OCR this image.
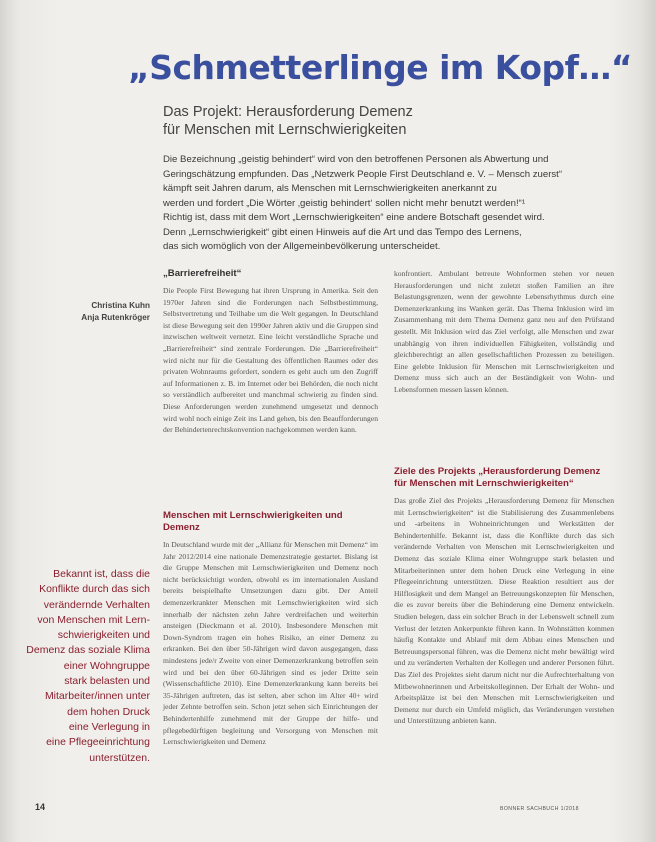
„Schmetterlinge im Kopf…“
Das Projekt: Herausforderung Demenz
für Menschen mit Lernschwierigkeiten
Die Bezeichnung „geistig behindert“ wird von den betroffenen Personen als Abwertung und
Geringschätzung empfunden. Das „Netzwerk People First Deutschland e. V. – Mensch zuerst“
kämpft seit Jahren darum, als Menschen mit Lernschwierigkeiten anerkannt zu
werden und fordert „Die Wörter ‚geistig behindert‘ sollen nicht mehr benutzt werden!“¹
Richtig ist, dass mit dem Wort „Lernschwierigkeiten“ eine andere Botschaft gesendet wird.
Denn „Lernschwierigkeit“ gibt einen Hinweis auf die Art und das Tempo des Lernens,
das sich womöglich von der Allgemeinbevölkerung unterscheidet.
Christina Kuhn
Anja Rutenkröger
„Barrierefreiheit“

Die People First Bewegung hat ihren Ursprung in Amerika. Seit den 1970er Jahren sind die Forderungen nach Selbstbestimmung, Selbstvertretung und Teilhabe um die Welt gegangen. In Deutschland ist diese Bewegung seit den 1990er Jahren aktiv und die Gruppen sind inzwischen weltweit vernetzt. Eine leicht verständliche Sprache und „Barrierefreiheit“ sind zentrale Forderungen. Die „Barrierefreiheit“ wird nicht nur für die Gestaltung des öffentlichen Raumes oder des privaten Wohnraums gefordert, sondern es geht auch um den Zugriff auf Informationen z. B. im Internet oder bei Behörden, die noch nicht so verständlich aufbereitet und manchmal schwierig zu finden sind. Diese Anforderungen werden zunehmend umgesetzt und dennoch wird wohl noch einige Zeit ins Land gehen, bis den Beaufforderungen der Behindertenrechtskonvention nachgekommen werden kann.

Menschen mit Lernschwierigkeiten und Demenz

In Deutschland wurde mit der „Allianz für Menschen mit Demenz“ im Jahr 2012/2014 eine nationale Demenzstrategie gestartet. Bislang ist die Gruppe Menschen mit Lernschwierigkeiten und Demenz noch nicht berücksichtigt worden, obwohl es im internationalen Ausland bereits beispielhafte Umsetzungen dazu gibt. Der Anteil demenzerkrankter Menschen mit Lernschwierigkeiten wird sich innerhalb der nächsten zehn Jahre verdreifachen und weiterhin ansteigen (Dieckmann et al. 2010). Insbesondere Menschen mit Down-Syndrom tragen ein hohes Risiko, an einer Demenz zu erkranken. Bei den über 50-Jährigen wird davon ausgegangen, dass mindestens jede/r Zweite von einer Demenzerkrankung betroffen sein wird und bei den über 60-Jährigen sind es jeder Dritte sein (Wissenschaftliche 2010). Eine Demenzerkrankung kann bereits bei 35-Jährigen auftreten, das ist selten, aber schon im Alter 40+ wird jeder Zehnte betroffen sein. Schon jetzt sehen sich Einrichtungen der Behindertenhilfe zunehmend mit der Gruppe der hilfe- und pflegebedürftigen begleitung und Versorgung von Menschen mit Lernschwierigkeiten und Demenz

konfrontiert. Ambulant betreute Wohnformen stehen vor neuen Herausforderungen und nicht zuletzt stoßen Familien an ihre Belastungsgrenzen, wenn der gewohnte Lebensrhythmus durch eine Demenzerkrankung ins Wanken gerät. Das Thema Inklusion wird im Zusammenhang mit dem Thema Demenz ganz neu auf den Prüfstand gestellt. Mit Inklusion wird das Ziel verfolgt, alle Menschen und zwar unabhängig von ihren individuellen Fähigkeiten, vollständig und gleichberechtigt an allen gesellschaftlichen Prozessen zu beteiligen. Eine gelebte Inklusion für Menschen mit Lernschwierigkeiten und Demenz muss sich auch an der Beständigkeit von Wohn- und Lebensformen messen lassen können.

Ziele des Projekts „Herausforderung Demenz für Menschen mit Lernschwierigkeiten“

Das große Ziel des Projekts „Herausforderung Demenz für Menschen mit Lernschwierigkeiten“ ist die Stabilisierung des Zusammenlebens und -arbeitens in Wohneinrichtungen und Werkstätten der Behindertenhilfe. Bekannt ist, dass die Konflikte durch das sich verändernde Verhalten von Menschen mit Lernschwierigkeiten und Demenz das soziale Klima einer Wohngruppe stark belasten und Mitarbeiterinnen unter dem hohen Druck eine Verlegung in eine Pflegeeinrichtung unterstützen. Diese Reaktion resultiert aus der Hilflosigkeit und dem Mangel an Betreuungskonzepten für Menschen, die es zuvor bereits über die Behinderung eine Demenz entwickeln. Studien belegen, dass ein solcher Bruch in der Lebenswelt schnell zum Verlust der letzten Ankerpunkte führen kann. In Wohnstätten kommen häufig Kontakte und Ablauf mit dem Abbau eines Menschen und Betreuungspersonal führen, was die Demenz nicht mehr bewältigt wird und zu veränderten Verhalten der Kollegen und anderer Personen führt. Das Ziel des Projektes sieht darum nicht nur die Aufrechterhaltung von Mitbewohnerinnen und Arbeitskolleginnen. Der Erhalt der Wohn- und Arbeitsplätze ist bei den Menschen mit Lernschwierigkeiten und Demenz nur durch ein Umfeld möglich, das Veränderungen verstehen und Unterstützung anbieten kann.

Bekannt ist, dass die
Konflikte durch das sich
verändernde Verhalten
von Menschen mit Lern-
schwierigkeiten und
Demenz das soziale Klima
einer Wohngruppe
stark belasten und
Mitarbeiter/innen unter
dem hohen Druck
eine Verlegung in
eine Pflegeeinrichtung
unterstützen.
14	BONNER SACHBUCH 1/2018
